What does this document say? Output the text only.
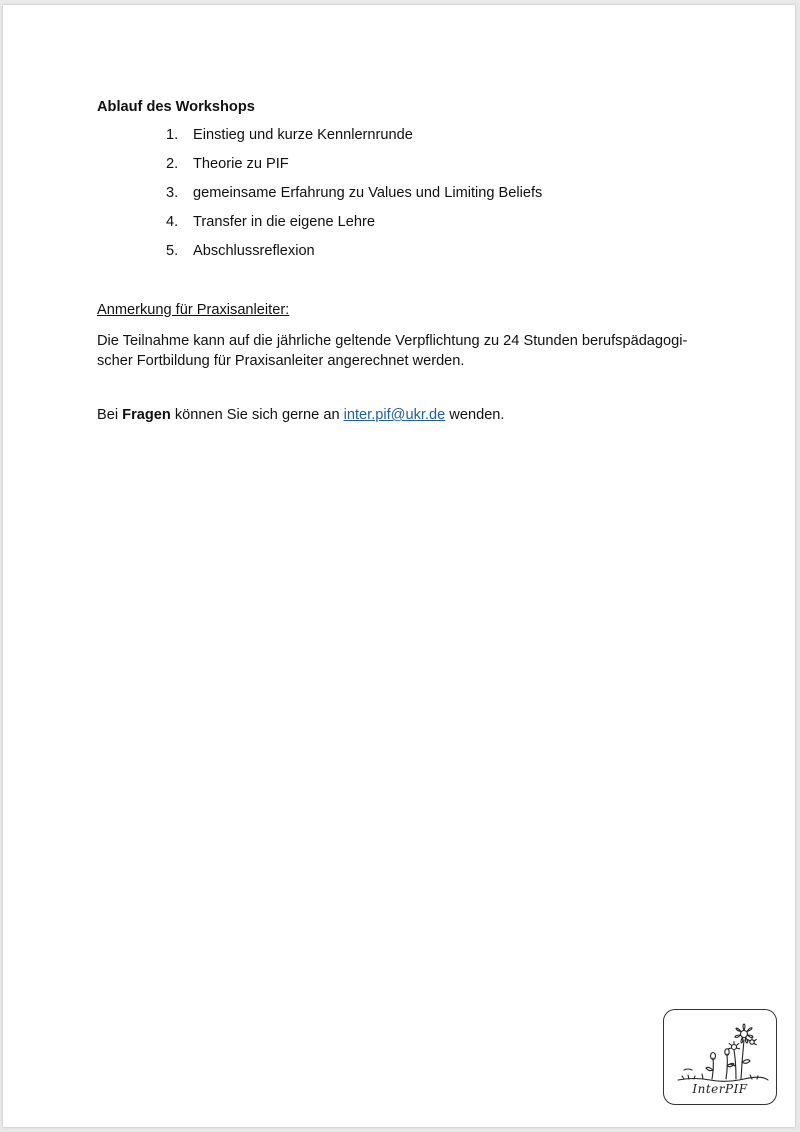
Ablauf des Workshops
1.	Einstieg und kurze Kennlernrunde
2.	Theorie zu PIF
3.	gemeinsame Erfahrung zu Values und Limiting Beliefs
4.	Transfer in die eigene Lehre
5.	Abschlussreflexion
Anmerkung für Praxisanleiter:
Die Teilnahme kann auf die jährliche geltende Verpflichtung zu 24 Stunden berufspädagogi-
scher Fortbildung für Praxisanleiter angerechnet werden.
Bei Fragen können Sie sich gerne an inter.pif@ukr.de wenden.
InterPIF
